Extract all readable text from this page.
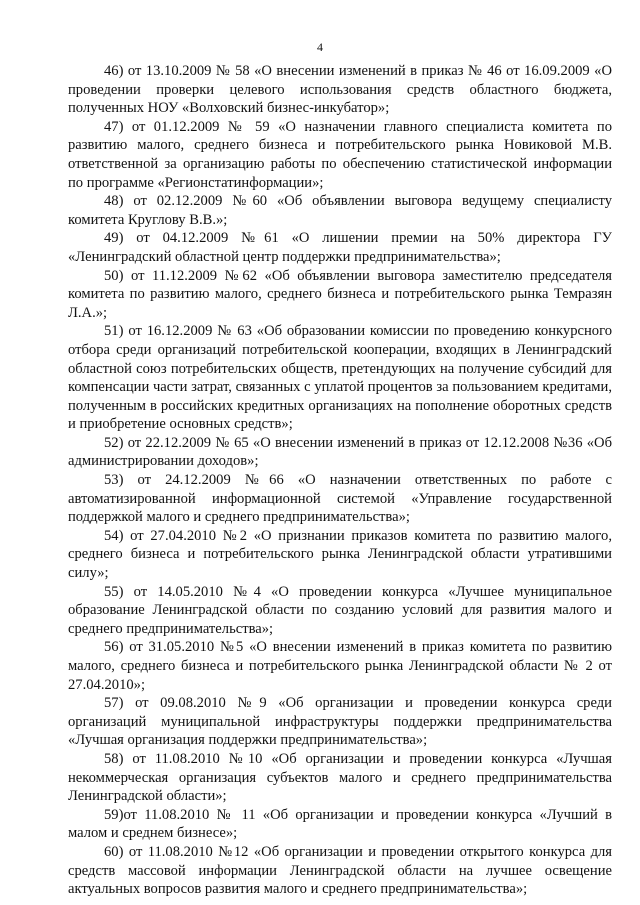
4

46) от 13.10.2009 № 58 «О внесении изменений в приказ № 46 от 16.09.2009 «О проведении проверки целевого использования средств областного бюджета, полученных НОУ «Волховский бизнес-инкубатор»;

47) от 01.12.2009 № 59 «О назначении главного специалиста комитета по развитию малого, среднего бизнеса и потребительского рынка Новиковой М.В. ответственной за организацию работы по обеспечению статистической информации по программе «Регионстатинформации»;

48) от 02.12.2009 №60 «Об объявлении выговора ведущему специалисту комитета Круглову В.В.»;

49) от 04.12.2009 №61 «О лишении премии на 50% директора ГУ «Ленинградский областной центр поддержки предпринимательства»;

50) от 11.12.2009 №62 «Об объявлении выговора заместителю председателя комитета по развитию малого, среднего бизнеса и потребительского рынка Темразян Л.А.»;

51) от 16.12.2009 № 63 «Об образовании комиссии по проведению конкурсного отбора среди организаций потребительской кооперации, входящих в Ленинградский областной союз потребительских обществ, претендующих на получение субсидий для компенсации части затрат, связанных с уплатой процентов за пользованием кредитами, полученным в российских кредитных организациях на пополнение оборотных средств и приобретение основных средств»;

52) от 22.12.2009 № 65 «О внесении изменений в приказ от 12.12.2008 №36 «Об администрировании доходов»;

53) от 24.12.2009 №66 «О назначении ответственных по работе с автоматизированной информационной системой «Управление государственной поддержкой малого и среднего предпринимательства»;

54) от 27.04.2010 №2 «О признании приказов комитета по развитию малого, среднего бизнеса и потребительского рынка Ленинградской области утратившими силу»;

55) от 14.05.2010 №4 «О проведении конкурса «Лучшее муниципальное образование Ленинградской области по созданию условий для развития малого и среднего предпринимательства»;

56) от 31.05.2010 №5 «О внесении изменений в приказ комитета по развитию малого, среднего бизнеса и потребительского рынка Ленинградской области № 2 от 27.04.2010»;

57) от 09.08.2010 №9 «Об организации и проведении конкурса среди организаций муниципальной инфраструктуры поддержки предпринимательства «Лучшая организация поддержки предпринимательства»;

58) от 11.08.2010 №10 «Об организации и проведении конкурса «Лучшая некоммерческая организация субъектов малого и среднего предпринимательства Ленинградской области»;

59)от 11.08.2010 № 11 «Об организации и проведении конкурса «Лучший в малом и среднем бизнесе»;

60) от 11.08.2010 №12 «Об организации и проведении открытого конкурса для средств массовой информации Ленинградской области на лучшее освещение актуальных вопросов развития малого и среднего предпринимательства»;
